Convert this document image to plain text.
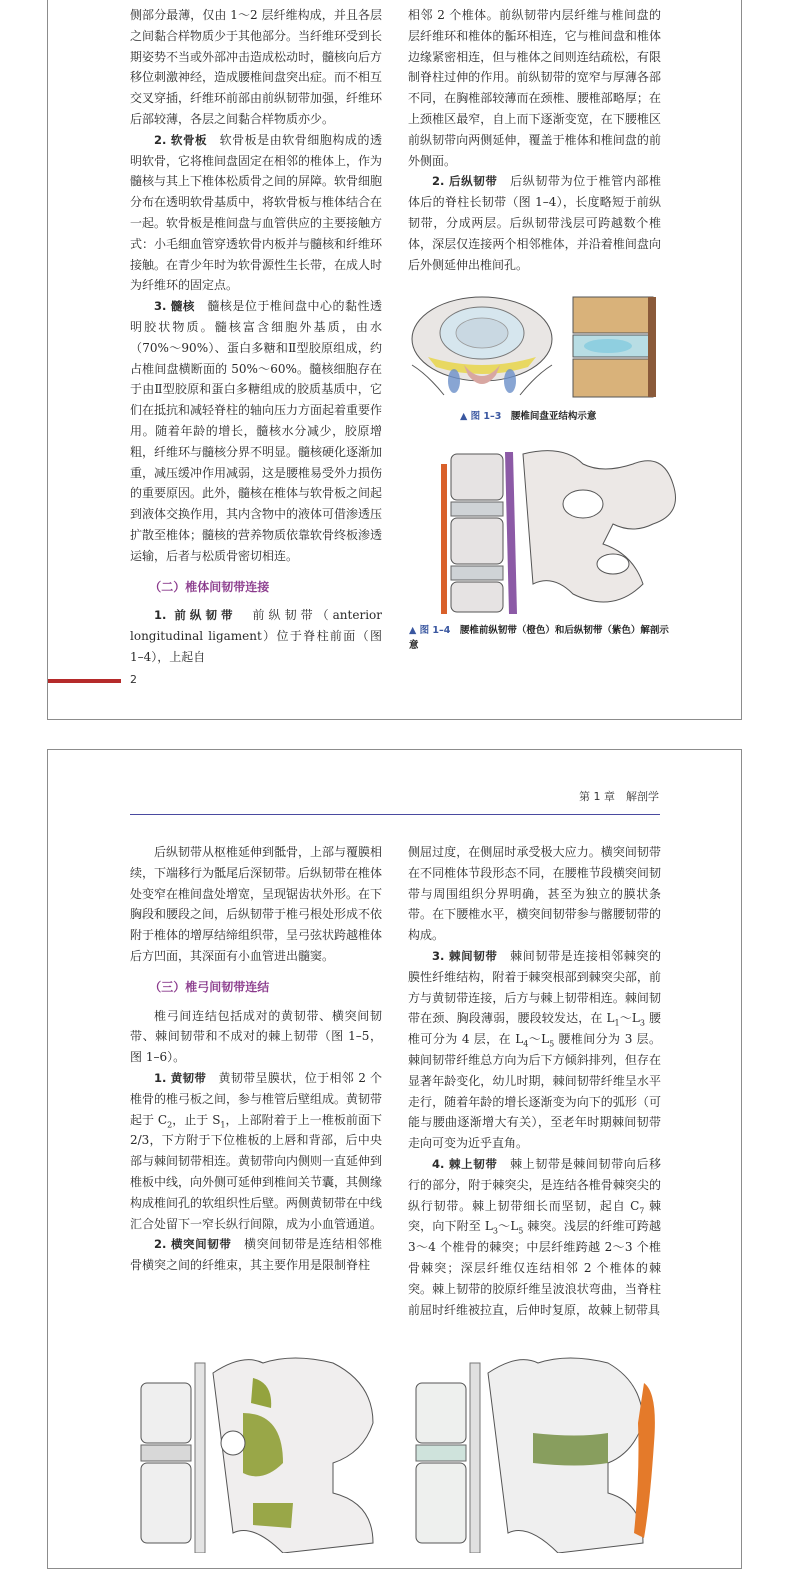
侧部分最薄，仅由 1～2 层纤维构成，并且各层之间黏合样物质少于其他部分。当纤维环受到长期姿势不当或外部冲击造成松动时，髓核向后方移位刺激神经，造成腰椎间盘突出症。而不相互交叉穿插，纤维环前部由前纵韧带加强，纤维环后部较薄，各层之间黏合样物质亦少。

2. 软骨板　 软骨板是由软骨细胞构成的透明软骨，它将椎间盘固定在相邻的椎体上，作为髓核与其上下椎体松质骨之间的屏障。软骨细胞分布在透明软骨基质中，将软骨板与椎体结合在一起。软骨板是椎间盘与血管供应的主要接触方式：小毛细血管穿透软骨内板并与髓核和纤维环接触。在青少年时为软骨源性生长带，在成人时为纤维环的固定点。

3. 髓核　 髓核是位于椎间盘中心的黏性透明胶状物质。髓核富含细胞外基质，由水（70%～90%）、蛋白多糖和Ⅱ型胶原组成，约占椎间盘横断面的 50%～60%。髓核细胞存在于由Ⅱ型胶原和蛋白多糖组成的胶质基质中，它们在抵抗和减轻脊柱的轴向压力方面起着重要作用。随着年龄的增长，髓核水分减少，胶原增粗，纤维环与髓核分界不明显。髓核硬化逐渐加重，减压缓冲作用减弱，这是腰椎易受外力损伤的重要原因。此外，髓核在椎体与软骨板之间起到液体交换作用，其内含物中的液体可借渗透压扩散至椎体；髓核的营养物质依靠软骨终板渗透运输，后者与松质骨密切相连。

（二）椎体间韧带连接

1. 前纵韧带　 前纵韧带（anterior longitudinal ligament）位于脊柱前面（图 1–4），上起自

相邻 2 个椎体。前纵韧带内层纤维与椎间盘的层纤维环和椎体的骺环相连，它与椎间盘和椎体边缘紧密相连，但与椎体之间则连结疏松，有限制脊柱过伸的作用。前纵韧带的宽窄与厚薄各部不同，在胸椎部较薄而在颈椎、腰椎部略厚；在上颈椎区最窄，自上而下逐渐变宽，在下腰椎区前纵韧带向两侧延伸，覆盖于椎体和椎间盘的前外侧面。

2. 后纵韧带　 后纵韧带为位于椎管内部椎体后的脊柱长韧带（图 1–4），长度略短于前纵韧带，分成两层。后纵韧带浅层可跨越数个椎体，深层仅连接两个相邻椎体，并沿着椎间盘向后外侧延伸出椎间孔。

▲ 图 1–3　 腰椎间盘亚结构示意
▲ 图 1–4　 腰椎前纵韧带（橙色）和后纵韧带（紫色）解剖示意
2
第 1 章　解剖学

后纵韧带从枢椎延伸到骶骨，上部与覆膜相续，下端移行为骶尾后深韧带。后纵韧带在椎体处变窄在椎间盘处增宽，呈现锯齿状外形。在下胸段和腰段之间，后纵韧带于椎弓根处形成不依附于椎体的增厚结缔组织带，呈弓弦状跨越椎体后方凹面，其深面有小血管进出髓窦。

（三）椎弓间韧带连结

椎弓间连结包括成对的黄韧带、横突间韧带、棘间韧带和不成对的棘上韧带（图 1–5，图 1–6）。

1. 黄韧带　 黄韧带呈膜状，位于相邻 2 个椎骨的椎弓板之间，参与椎管后壁组成。黄韧带起于 $C_2$，止于 $S_1$，上部附着于上一椎板前面下 2/3，下方附于下位椎板的上唇和背部，后中央部与棘间韧带相连。黄韧带向内侧则一直延伸到椎板中线，向外侧可延伸到椎间关节囊，其侧缘构成椎间孔的软组织性后壁。两侧黄韧带在中线汇合处留下一窄长纵行间隙，成为小血管通道。

2. 横突间韧带　 横突间韧带是连结相邻椎骨横突之间的纤维束，其主要作用是限制脊柱

侧屈过度，在侧屈时承受极大应力。横突间韧带在不同椎体节段形态不同，在腰椎节段横突间韧带与周围组织分界明确，甚至为独立的膜状条带。在下腰椎水平，横突间韧带参与髂腰韧带的构成。

3. 棘间韧带　 棘间韧带是连接相邻棘突的膜性纤维结构，附着于棘突根部到棘突尖部，前方与黄韧带连接，后方与棘上韧带相连。棘间韧带在颈、胸段薄弱，腰段较发达，在 $L_1\sim L_3$ 腰椎可分为 4 层，在 $L_4\sim L_5$ 腰椎间分为 3 层。棘间韧带纤维总方向为后下方倾斜排列，但存在显著年龄变化，幼儿时期，棘间韧带纤维呈水平走行，随着年龄的增长逐渐变为向下的弧形（可能与腰曲逐渐增大有关），至老年时期棘间韧带走向可变为近乎直角。

4. 棘上韧带　 棘上韧带是棘间韧带向后移行的部分，附于棘突尖，是连结各椎骨棘突尖的纵行韧带。棘上韧带细长而坚韧，起自 $C_7$ 棘突，向下附至 $L_3\sim L_5$ 棘突。浅层的纤维可跨越 3～4 个椎骨的棘突；中层纤维跨越 2～3 个椎骨棘突；深层纤维仅连结相邻 2 个椎体的棘突。棘上韧带的胶原纤维呈波浪状弯曲，当脊柱前屈时纤维被拉直，后伸时复原，故棘上韧带具
